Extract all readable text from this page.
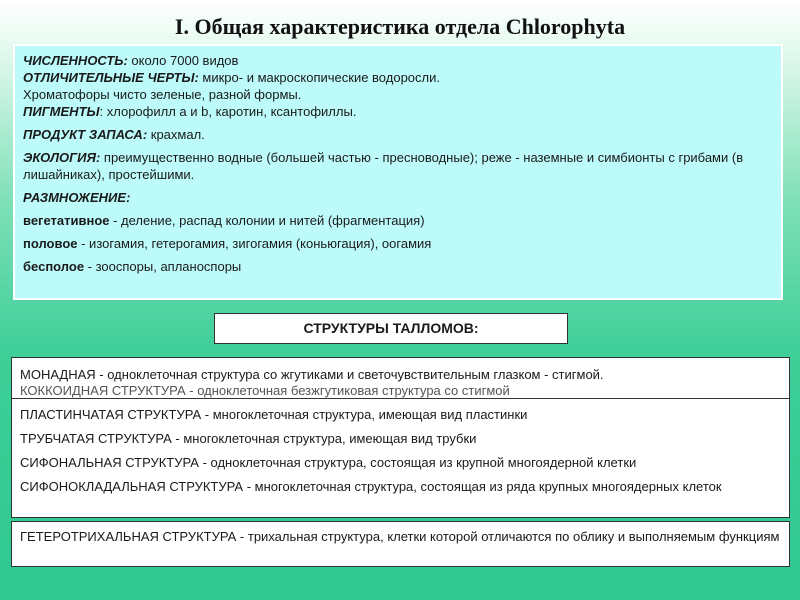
I. Общая характеристика отдела Chlorophyta
ЧИСЛЕННОСТЬ: около 7000 видов
ОТЛИЧИТЕЛЬНЫЕ ЧЕРТЫ: микро- и макроскопические водоросли.
Хроматофоры чисто зеленые, разной формы.
ПИГМЕНТЫ: хлорофилл a и b, каротин, ксантофиллы.
ПРОДУКТ ЗАПАСА: крахмал.
ЭКОЛОГИЯ: преимущественно водные (большей частью - пресноводные); реже - наземные и симбионты с грибами (в лишайниках), простейшими.
РАЗМНОЖЕНИЕ:
вегетативное - деление, распад колонии и нитей (фрагментация)
половое - изогамия, гетерогамия, зигогамия (коньюгация), оогамия
бесполое - зооспоры, апланоспоры
СТРУКТУРЫ ТАЛЛОМОВ:
МОНАДНАЯ - одноклеточная структура со жгутиками и светочувствительным глазком - стигмой.
КОККОИДНАЯ СТРУКТУРА - одноклеточная безжгутиковая структура со стигмой
ПЛАСТИНЧАТАЯ СТРУКТУРА - многоклеточная структура, имеющая вид пластинки
ТРУБЧАТАЯ СТРУКТУРА - многоклеточная структура, имеющая вид трубки
СИФОНАЛЬНАЯ СТРУКТУРА - одноклеточная структура, состоящая из крупной многоядерной клетки
СИФОНОКЛАДАЛЬНАЯ СТРУКТУРА - многоклеточная структура, состоящая из ряда крупных многоядерных клеток
ГЕТЕРОТРИХАЛЬНАЯ СТРУКТУРА - трихальная структура, клетки которой отличаются по облику и выполняемым функциям
